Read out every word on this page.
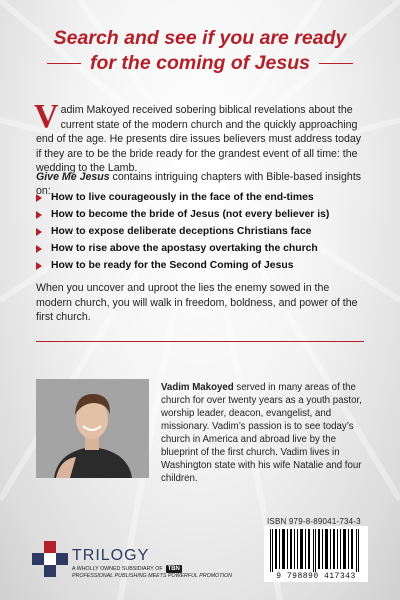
Search and see if you are ready
for the coming of Jesus
Vadim Makoyed received sobering biblical revelations about the current state of the modern church and the quickly approaching end of the age. He presents dire issues believers must address today if they are to be the bride ready for the grandest event of all time: the wedding to the Lamb.
Give Me Jesus contains intriguing chapters with Bible-based insights on:
How to live courageously in the face of the end-times
How to become the bride of Jesus (not every believer is)
How to expose deliberate deceptions Christians face
How to rise above the apostasy overtaking the church
How to be ready for the Second Coming of Jesus
When you uncover and uproot the lies the enemy sowed in the modern church, you will walk in freedom, boldness, and power of the first church.
Vadim Makoyed served in many areas of the church for over twenty years as a youth pastor, worship leader, deacon, evangelist, and missionary. Vadim’s passion is to see today’s church in America and abroad live by the blueprint of the first church. Vadim lives in Washington state with his wife Natalie and four children.
ISBN 979-8-89041-734-3
9 798890 417343
TRILOGY
A WHOLLY OWNED SUBSIDIARY OF TBN
PROFESSIONAL PUBLISHING MEETS POWERFUL PROMOTION
